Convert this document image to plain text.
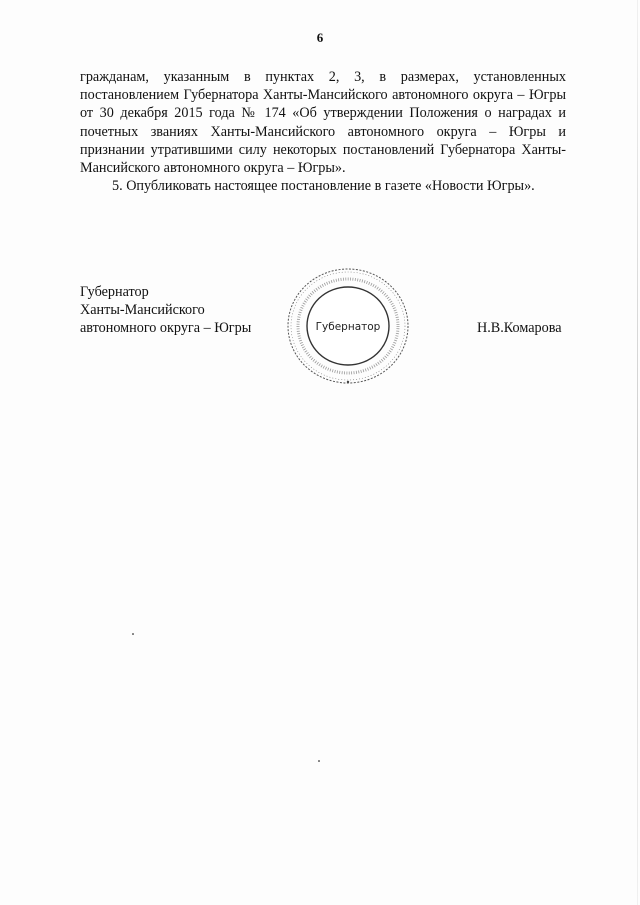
6

гражданам, указанным в пунктах 2, 3, в размерах, установленных постановлением Губернатора Ханты-Мансийского автономного округа – Югры от 30 декабря 2015 года № 174 «Об утверждении Положения о наградах и почетных званиях Ханты-Мансийского автономного округа – Югры и признании утратившими силу некоторых постановлений Губернатора Ханты-Мансийского автономного округа – Югры».

5. Опубликовать настоящее постановление в газете «Новости Югры».

Губернатор
Ханты-Мансийского
автономного округа – Югры	Губернатор	Н.В.Комарова
